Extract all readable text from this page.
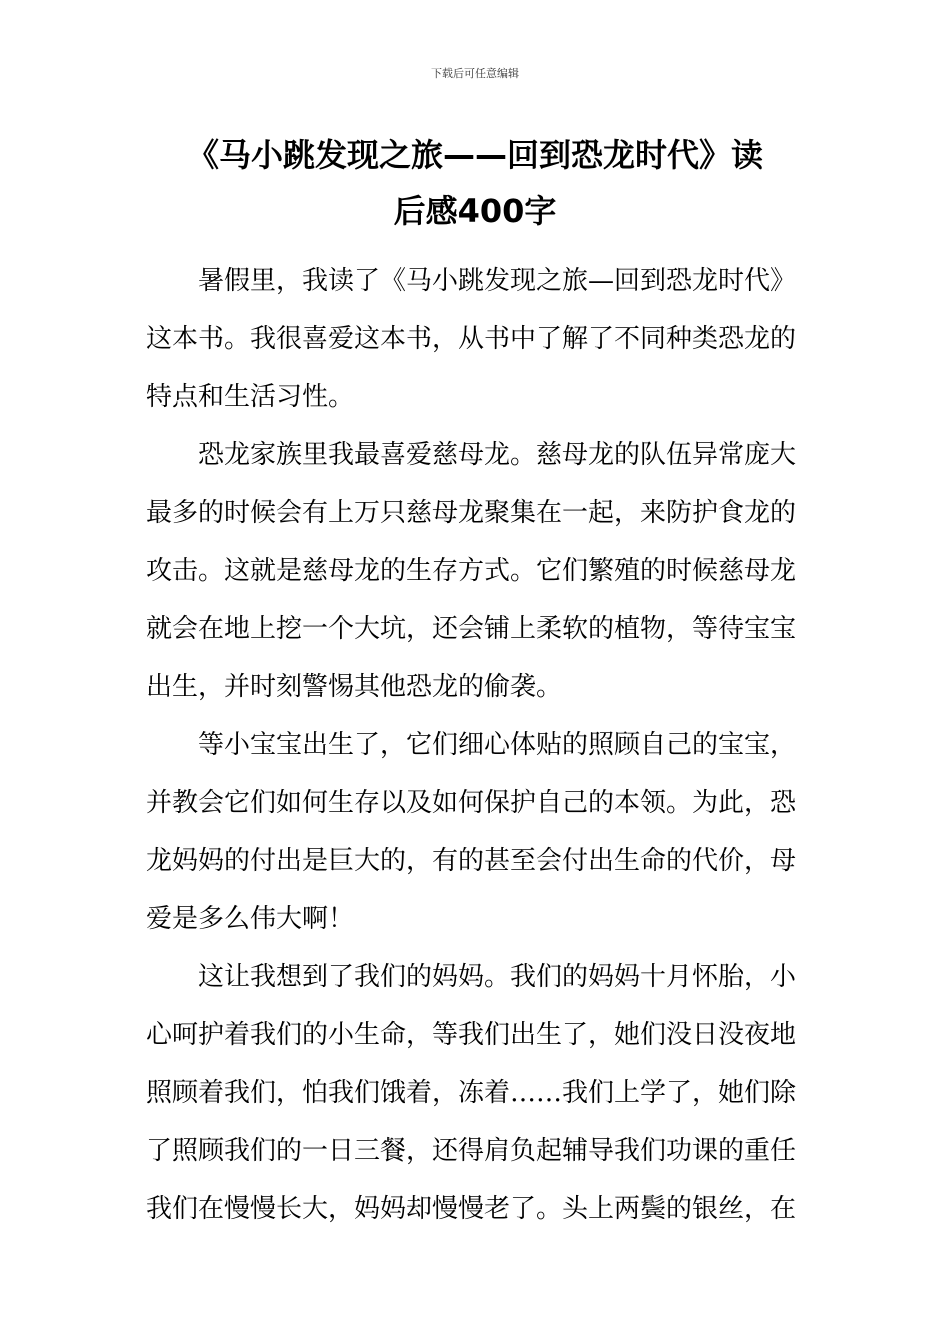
下载后可任意编辑
《马小跳发现之旅——回到恐龙时代》读
后感400字
暑假里，我读了《马小跳发现之旅—回到恐龙时代》
这本书。我很喜爱这本书，从书中了解了不同种类恐龙的
特点和生活习性。
恐龙家族里我最喜爱慈母龙。慈母龙的队伍异常庞大
最多的时候会有上万只慈母龙聚集在一起，来防护食龙的
攻击。这就是慈母龙的生存方式。它们繁殖的时候慈母龙
就会在地上挖一个大坑，还会铺上柔软的植物，等待宝宝
出生，并时刻警惕其他恐龙的偷袭。
等小宝宝出生了，它们细心体贴的照顾自己的宝宝，
并教会它们如何生存以及如何保护自己的本领。为此，恐
龙妈妈的付出是巨大的，有的甚至会付出生命的代价，母
爱是多么伟大啊！
这让我想到了我们的妈妈。我们的妈妈十月怀胎，小
心呵护着我们的小生命，等我们出生了，她们没日没夜地
照顾着我们，怕我们饿着，冻着……我们上学了，她们除
了照顾我们的一日三餐，还得肩负起辅导我们功课的重任
我们在慢慢长大，妈妈却慢慢老了。头上两鬓的银丝，在
